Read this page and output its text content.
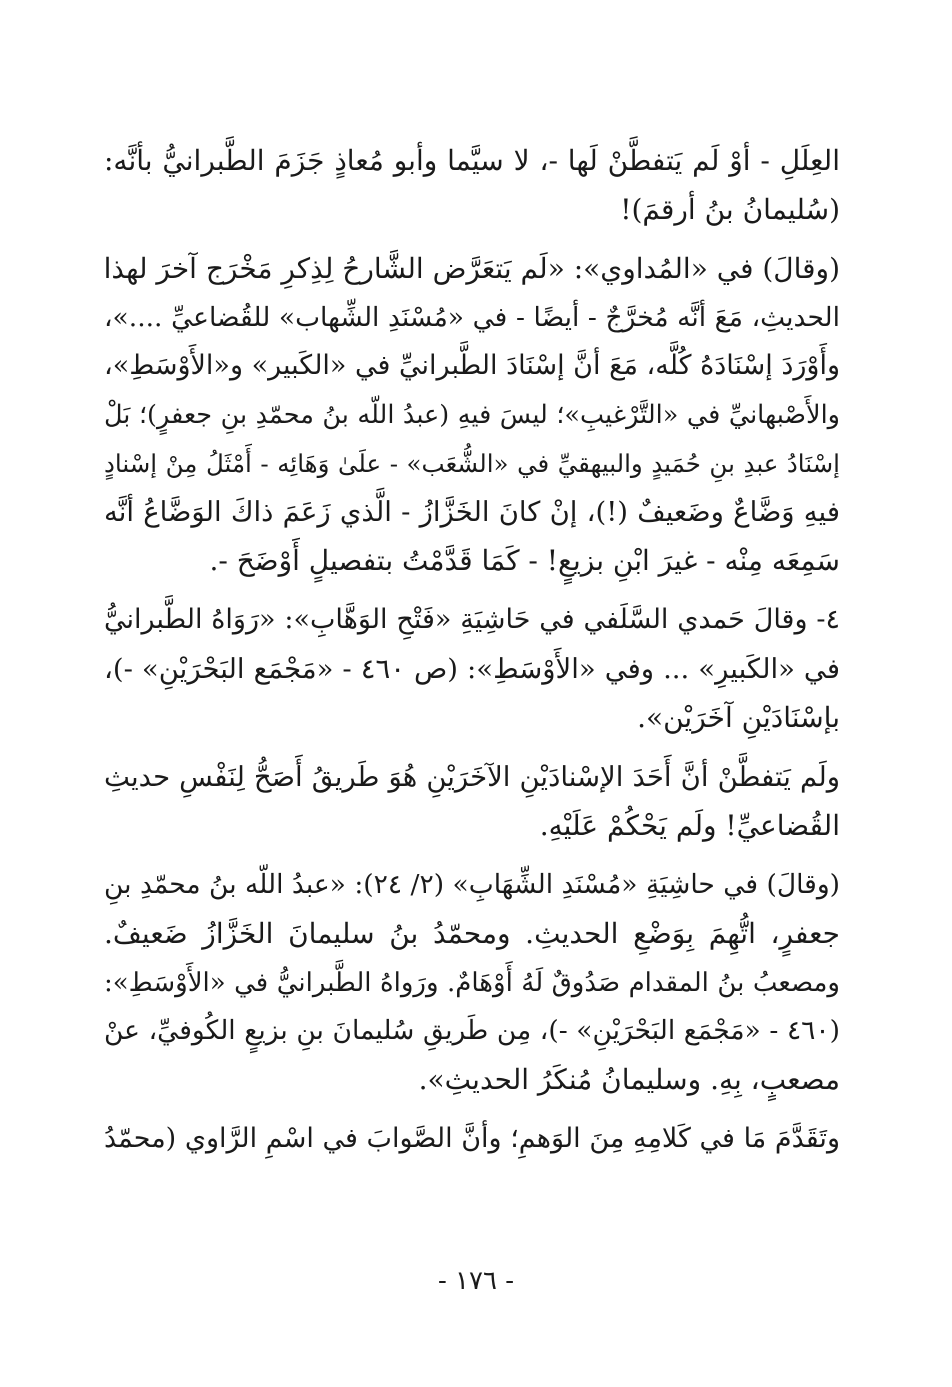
العِلَلِ - أوْ لَم يَتفطَّنْ لَها -، لا سيَّما وأبو مُعاذٍ جَزَمَ الطَّبرانيُّ بأنَّه:
(سُليمانُ بنُ أرقمَ)!
(وقالَ) في «المُداوي»: «لَم يَتعَرَّض الشَّارحُ لِذِكرِ مَخْرَج آخرَ لهذا
الحديثِ، مَعَ أنَّه مُخرَّجٌ - أيضًا - في «مُسْنَدِ الشِّهاب» للقُضاعيِّ ....»،
وأَوْرَدَ إسْنَادَهُ كُلَّه، مَعَ أنَّ إسْنَادَ الطَّبرانيِّ في «الكَبير» و«الأَوْسَطِ»،
والأَصْبهانيِّ في «التَّرْغيبِ»؛ ليسَ فيهِ (عبدُ اللّه بنُ محمّدِ بنِ جعفرٍ)؛ بَلْ
إسْنَادُ عبدِ بنِ حُمَيدٍ والبيهقيِّ في «الشُّعَب» - علَىٰ وَهَائِه - أَمْثَلُ مِنْ إسْنادٍ
فيهِ وَضَّاعٌ وضَعيفٌ (!)، إنْ كانَ الخَزَّازُ - الَّذي زَعَمَ ذاكَ الوَضَّاعُ أنَّه
سَمِعَه مِنْه - غيرَ ابْنِ بزيعٍ! - كَمَا قَدَّمْتُ بتفصيلٍ أَوْضَحَ -.
٤- وقالَ حَمدي السَّلَفي في حَاشِيَةِ «فَتْحِ الوَهَّابِ»: «رَوَاهُ الطَّبرانيُّ
في «الكَبيرِ» ... وفي «الأَوْسَطِ»: (ص ٤٦٠ - «مَجْمَع البَحْرَيْنِ» -)،
بإسْنَادَيْنِ آخَرَيْن».
ولَم يَتفطَّنْ أنَّ أَحَدَ الإسْنادَيْنِ الآخَرَيْنِ هُوَ طَريقُ أَصَحُّ لِنَفْسِ حديثِ
القُضاعيِّ! ولَم يَحْكُمْ عَلَيْهِ.
(وقالَ) في حاشِيَةِ «مُسْنَدِ الشِّهَابِ» (٢/ ٢٤): «عبدُ اللّه بنُ محمّدِ بنِ
جعفرٍ، اتُّهِمَ بِوَضْعِ الحديثِ. ومحمّدُ بنُ سليمانَ الخَزَّازُ ضَعيفٌ.
ومصعبُ بنُ المقدام صَدُوقٌ لَهُ أَوْهَامٌ. ورَواهُ الطَّبرانيُّ في «الأَوْسَطِ»:
(٤٦٠ - «مَجْمَع البَحْرَيْنِ» -)، مِن طَريقِ سُليمانَ بنِ بزيعٍ الكُوفيِّ، عنْ
مصعبٍ، بِهِ. وسليمانُ مُنكَرُ الحديثِ».
وتَقَدَّمَ مَا في كَلامِهِ مِنَ الوَهمِ؛ وأنَّ الصَّوابَ في اسْمِ الرَّاوي (محمّدُ
- ١٧٦ -
